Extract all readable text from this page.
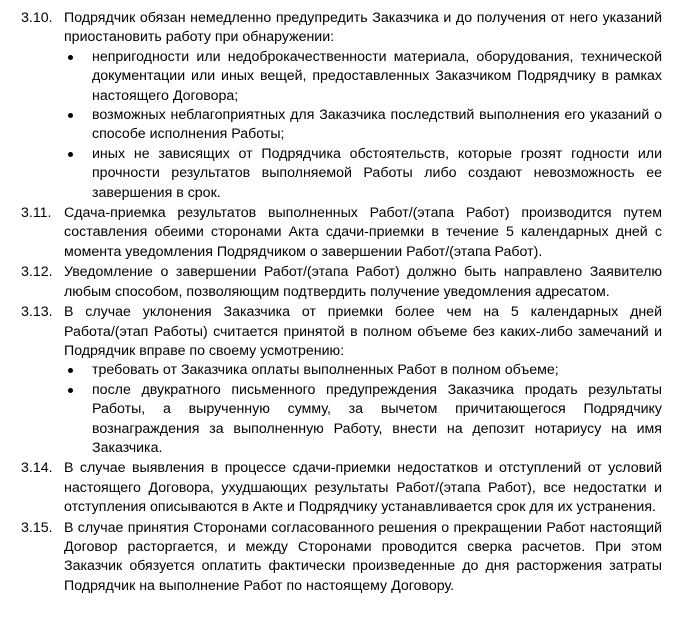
3.10. Подрядчик обязан немедленно предупредить Заказчика и до получения от него указаний приостановить работу при обнаружении:
непригодности или недоброкачественности материала, оборудования, технической документации или иных вещей, предоставленных Заказчиком Подрядчику в рамках настоящего Договора;
возможных неблагоприятных для Заказчика последствий выполнения его указаний о способе исполнения Работы;
иных не зависящих от Подрядчика обстоятельств, которые грозят годности или прочности результатов выполняемой Работы либо создают невозможность ее завершения в срок.
3.11. Сдача-приемка результатов выполненных Работ/(этапа Работ) производится путем составления обеими сторонами Акта сдачи-приемки в течение 5 календарных дней с момента уведомления Подрядчиком о завершении Работ/(этапа Работ).
3.12. Уведомление о завершении Работ/(этапа Работ) должно быть направлено Заявителю любым способом, позволяющим подтвердить получение уведомления адресатом.
3.13. В случае уклонения Заказчика от приемки более чем на 5 календарных дней Работа/(этап Работы) считается принятой в полном объеме без каких-либо замечаний и Подрядчик вправе по своему усмотрению:
требовать от Заказчика оплаты выполненных Работ в полном объеме;
после двукратного письменного предупреждения Заказчика продать результаты Работы, а вырученную сумму, за вычетом причитающегося Подрядчику вознаграждения за выполненную Работу, внести на депозит нотариусу на имя Заказчика.
3.14. В случае выявления в процессе сдачи-приемки недостатков и отступлений от условий настоящего Договора, ухудшающих результаты Работ/(этапа Работ), все недостатки и отступления описываются в Акте и Подрядчику устанавливается срок для их устранения.
3.15. В случае принятия Сторонами согласованного решения о прекращении Работ настоящий Договор расторгается, и между Сторонами проводится сверка расчетов. При этом Заказчик обязуется оплатить фактически произведенные до дня расторжения затраты Подрядчик на выполнение Работ по настоящему Договору.
